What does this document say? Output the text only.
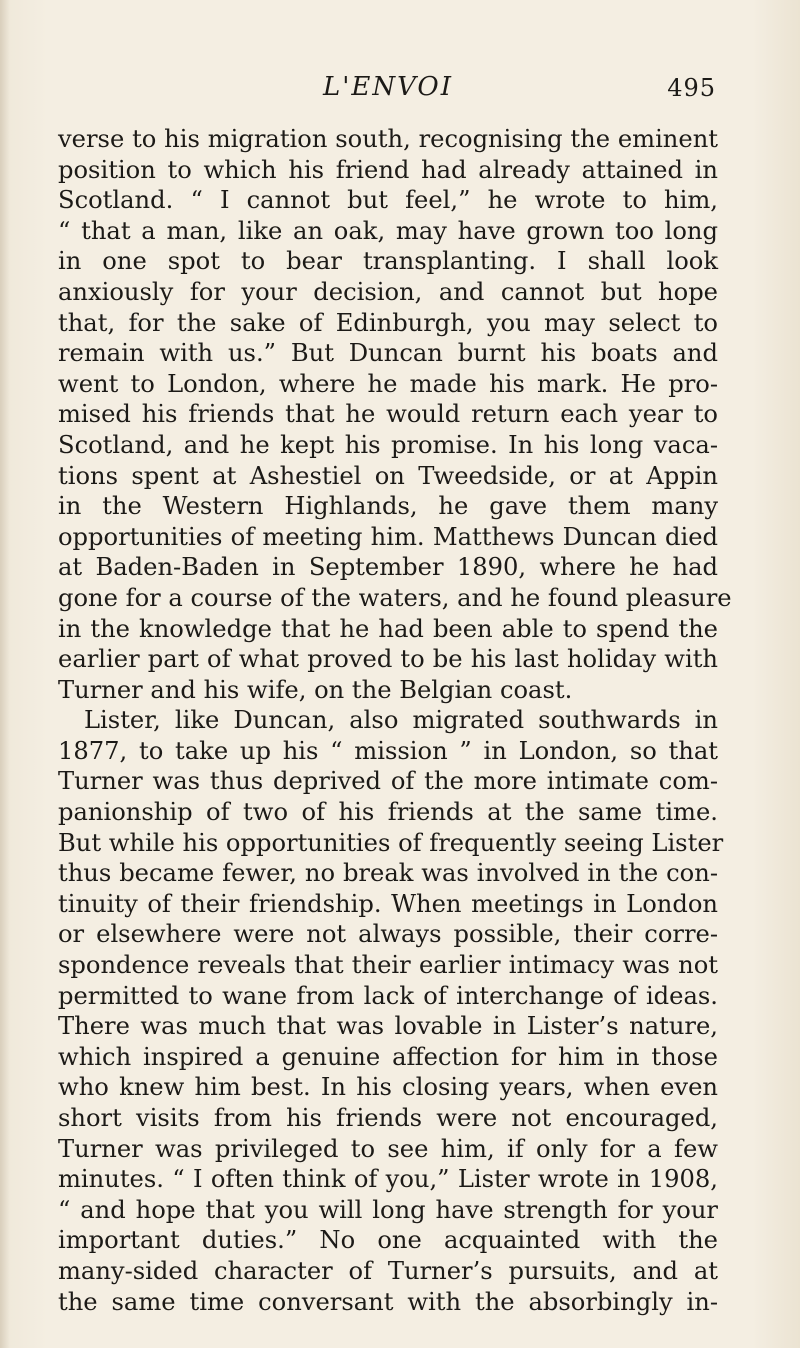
L'ENVOI	495
verse to his migration south, recognising the eminent
position to which his friend had already attained in
Scotland. “ I cannot but feel,” he wrote to him,
“ that a man, like an oak, may have grown too long
in one spot to bear transplanting. I shall look
anxiously for your decision, and cannot but hope
that, for the sake of Edinburgh, you may select to
remain with us.” But Duncan burnt his boats and
went to London, where he made his mark. He pro-
mised his friends that he would return each year to
Scotland, and he kept his promise. In his long vaca-
tions spent at Ashestiel on Tweedside, or at Appin
in the Western Highlands, he gave them many
opportunities of meeting him. Matthews Duncan died
at Baden-Baden in September 1890, where he had
gone for a course of the waters, and he found pleasure
in the knowledge that he had been able to spend the
earlier part of what proved to be his last holiday with
Turner and his wife, on the Belgian coast.
Lister, like Duncan, also migrated southwards in
1877, to take up his “ mission ” in London, so that
Turner was thus deprived of the more intimate com-
panionship of two of his friends at the same time.
But while his opportunities of frequently seeing Lister
thus became fewer, no break was involved in the con-
tinuity of their friendship. When meetings in London
or elsewhere were not always possible, their corre-
spondence reveals that their earlier intimacy was not
permitted to wane from lack of interchange of ideas.
There was much that was lovable in Lister’s nature,
which inspired a genuine affection for him in those
who knew him best. In his closing years, when even
short visits from his friends were not encouraged,
Turner was privileged to see him, if only for a few
minutes. “ I often think of you,” Lister wrote in 1908,
“ and hope that you will long have strength for your
important duties.” No one acquainted with the
many-sided character of Turner’s pursuits, and at
the same time conversant with the absorbingly in-
